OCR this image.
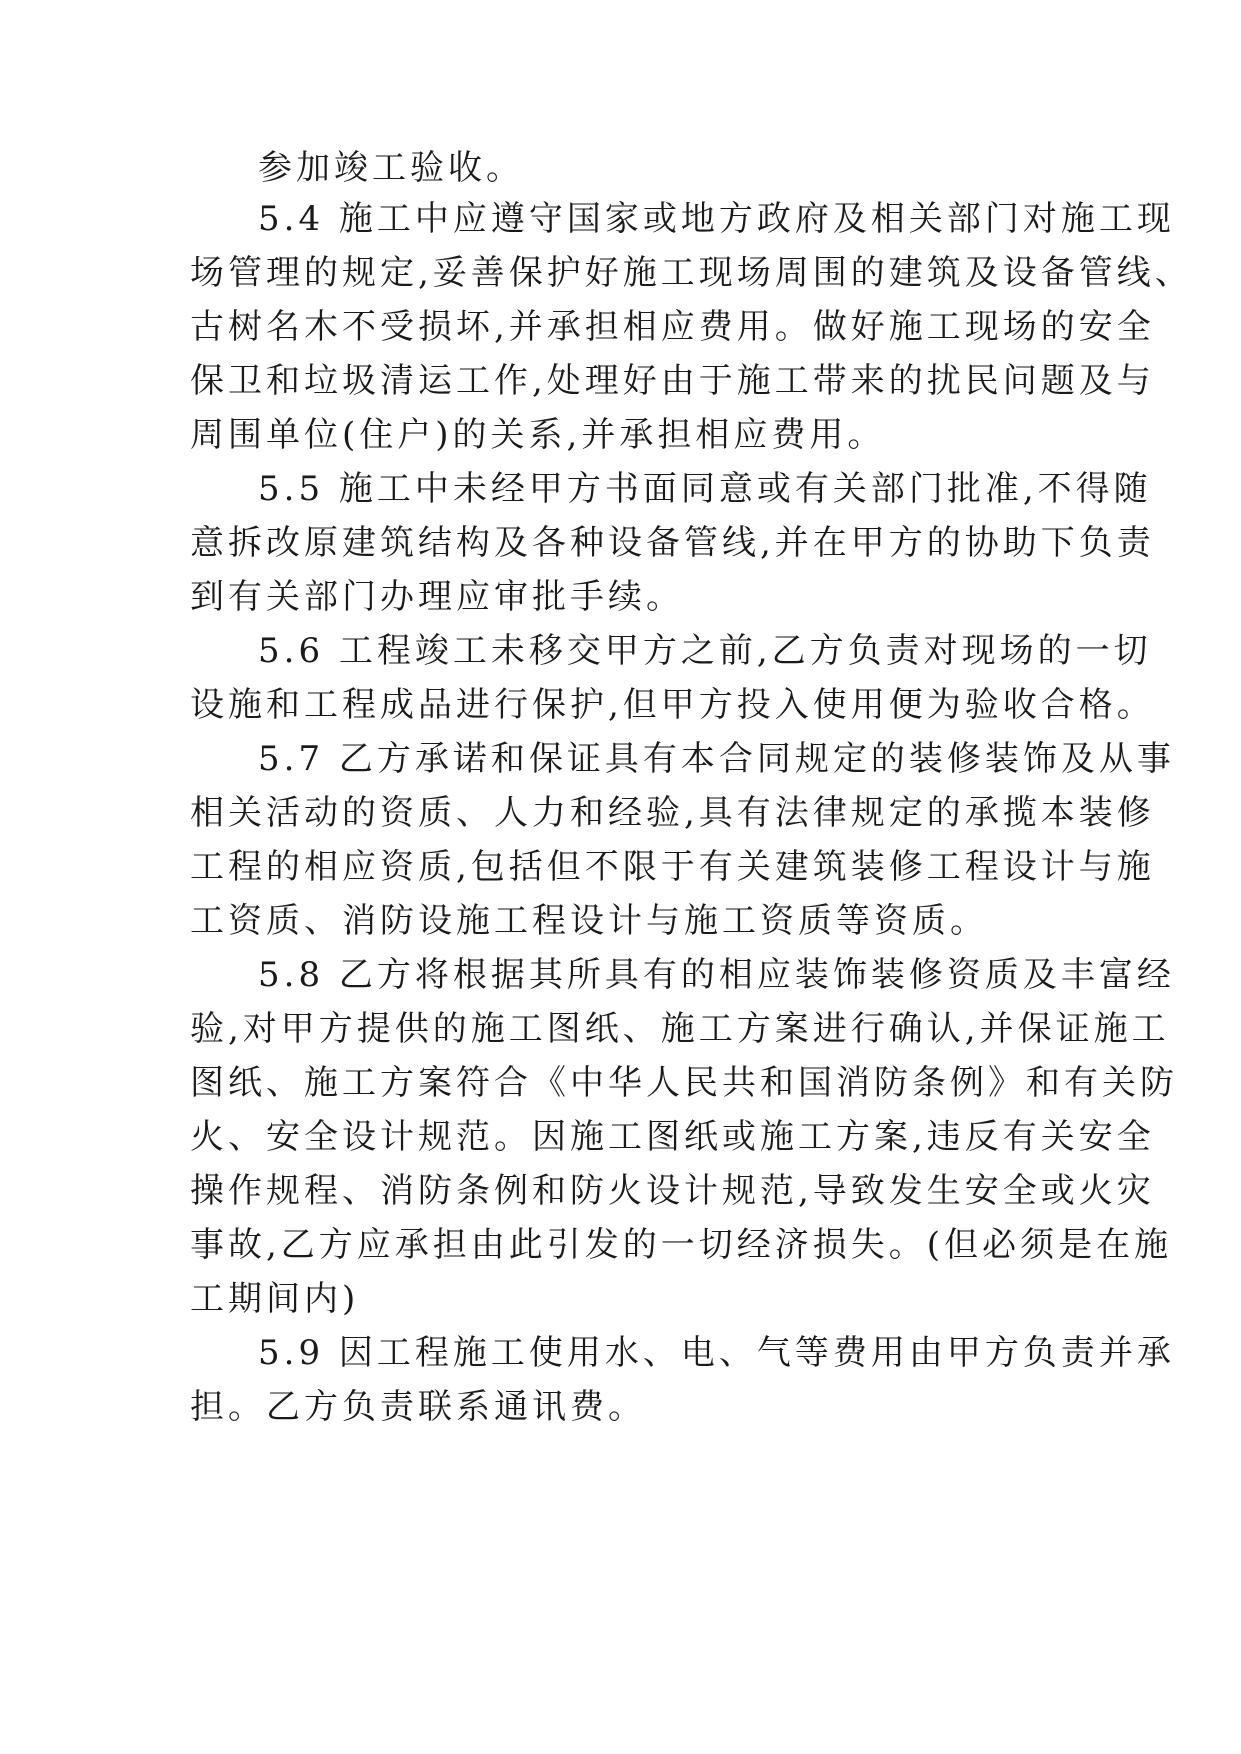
参加竣工验收。

5.4 施工中应遵守国家或地方政府及相关部门对施工现

场管理的规定,妥善保护好施工现场周围的建筑及设备管线、

古树名木不受损坏,并承担相应费用。做好施工现场的安全

保卫和垃圾清运工作,处理好由于施工带来的扰民问题及与

周围单位(住户)的关系,并承担相应费用。

5.5 施工中未经甲方书面同意或有关部门批准,不得随

意拆改原建筑结构及各种设备管线,并在甲方的协助下负责

到有关部门办理应审批手续。

5.6 工程竣工未移交甲方之前,乙方负责对现场的一切

设施和工程成品进行保护,但甲方投入使用便为验收合格。

5.7 乙方承诺和保证具有本合同规定的装修装饰及从事

相关活动的资质、人力和经验,具有法律规定的承揽本装修

工程的相应资质,包括但不限于有关建筑装修工程设计与施

工资质、消防设施工程设计与施工资质等资质。

5.8 乙方将根据其所具有的相应装饰装修资质及丰富经

验,对甲方提供的施工图纸、施工方案进行确认,并保证施工

图纸、施工方案符合《中华人民共和国消防条例》和有关防

火、安全设计规范。因施工图纸或施工方案,违反有关安全

操作规程、消防条例和防火设计规范,导致发生安全或火灾

事故,乙方应承担由此引发的一切经济损失。(但必须是在施

工期间内)

5.9 因工程施工使用水、电、气等费用由甲方负责并承

担。乙方负责联系通讯费。
